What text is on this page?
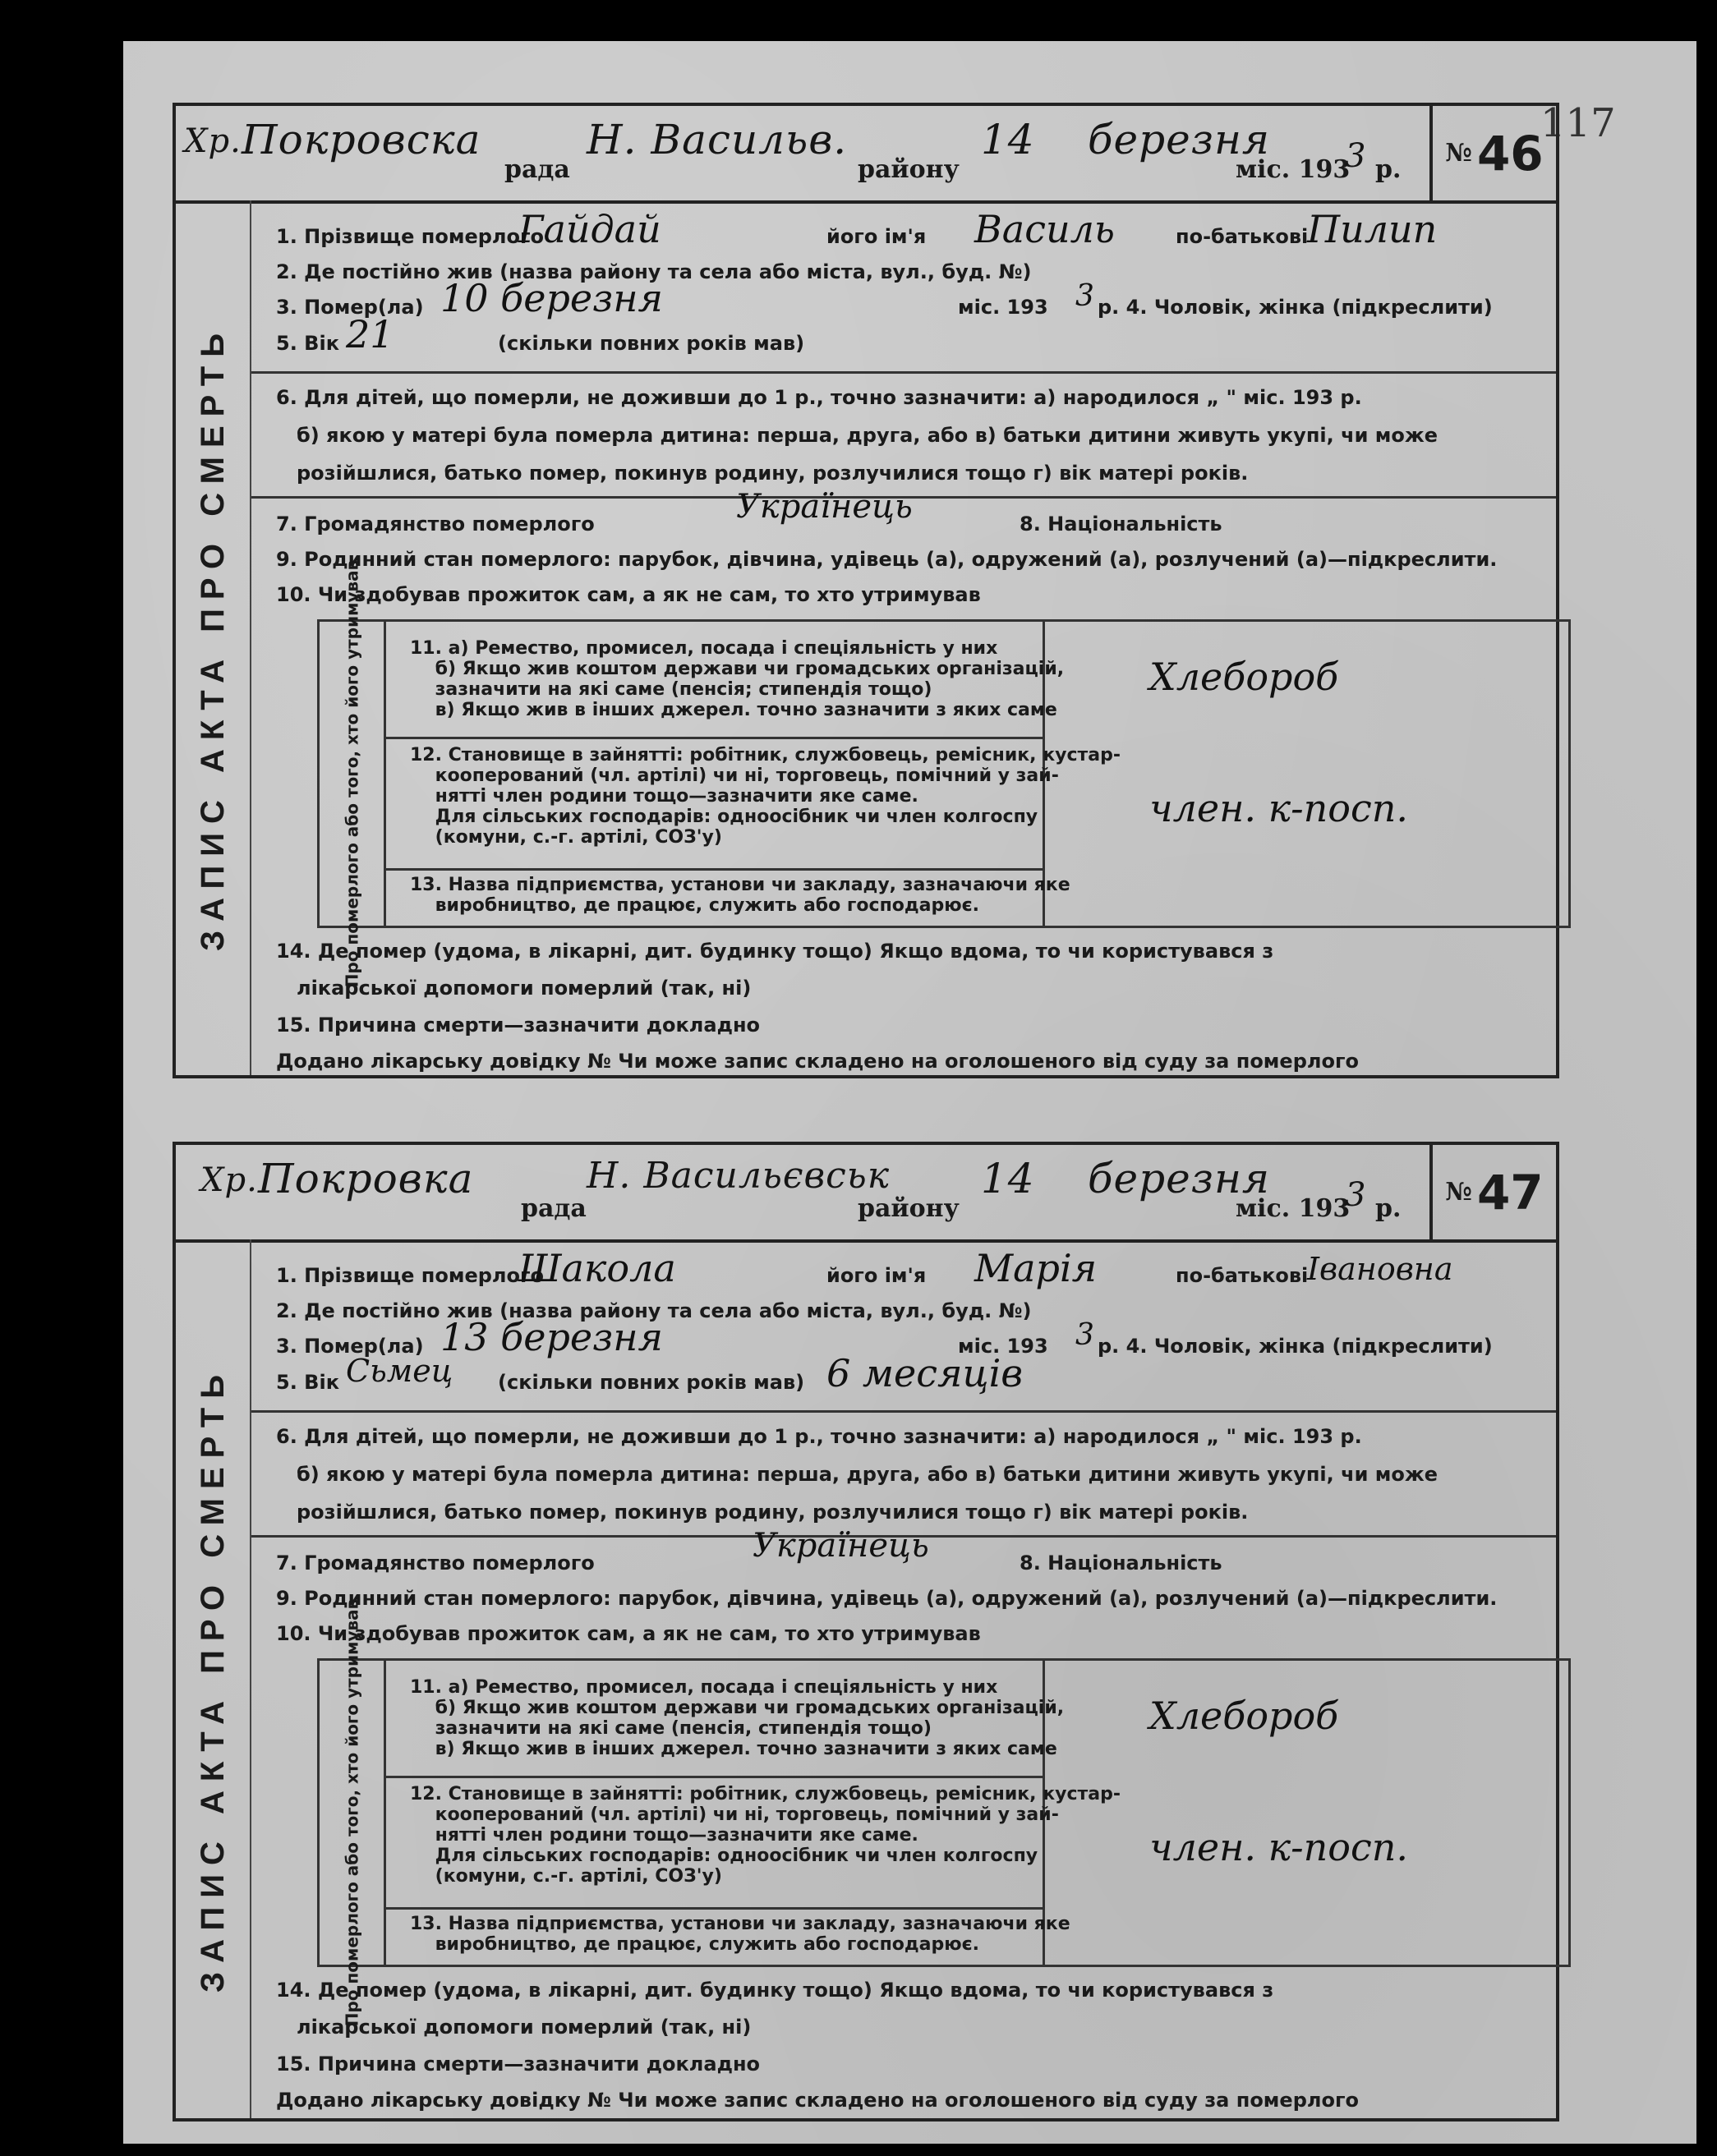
117
Хр. Покровска
рада
Н. Васильв.
району
14 березня
міс. 193
3 р.
№ 46
ЗАПИС АКТА ПРО СМЕРТЬ
1. Прізвище померлого
Гайдай	його ім'я Василь	по-батькові
Пилип
2. Де постійно жив (назва району та села або міста, вул., буд. №)
3. Помер(ла) 10 березня	міс. 193 3 р. 4. Чоловік, жінка (підкреслити)
5. Вік 21	(скільки повних років мав)
6. Для дітей, що померли, не доживши до 1 р., точно зазначити: а) народилося „ " міс. 193 р.
б) якою у матері була померла дитина: перша, друга, або в) батьки дитини живуть укупі, чи може
розійшлися, батько помер, покинув родину, розлучилися тощо г) вік матері років.
7. Громадянство померлого	Українець	8. Національність
9. Родинний стан померлого: парубок, дівчина, удівець (а), одружений (а), розлучений (а)—підкреслити.
10. Чи здобував прожиток сам, а як не сам, то хто утримував
Про померлого або того, хто його утримував	11. а) Ремество, промисел, посада і спеціяльність у них
б) Якщо жив коштом держави чи громадських організацій,
зазначити на які саме (пенсія; стипендія тощо)
в) Якщо жив в інших джерел. точно зазначити з яких саме
12. Становище в зайнятті: робітник, службовець, ремісник, кустар-
кооперований (чл. артілі) чи ні, торговець, помічний у зай-
нятті член родини тощо—зазначити яке саме.
Для сільських господарів: одноосібник чи член колгоспу
(комуни, с.-г. артілі, СОЗ'у)
13. Назва підприємства, установи чи закладу, зазначаючи яке
виробництво, де працює, служить або господарює.
Хлебороб
член. к-посп.
14. Де помер (удома, в лікарні, дит. будинку тощо) Якщо вдома, то чи користувався з
лікарської допомоги померлий (так, ні)
15. Причина смерти—зазначити докладно
Додано лікарську довідку № Чи може запис складено на оголошеного від суду за померлого
Хр. Покровка
рада
Н. Васильєвськ
району
14 березня
міс. 193
3 р.
№ 47
ЗАПИС АКТА ПРО СМЕРТЬ
1. Прізвище померлого
Шакола	його ім'я Марія	по-батькові
Івановна
2. Де постійно жив (назва району та села або міста, вул., буд. №)
3. Помер(ла) 13 березня	міс. 193 3 р. 4. Чоловік, жінка (підкреслити)
5. Вік Сьмец (скільки повних років мав) 6 месяців
6. Для дітей, що померли, не доживши до 1 р., точно зазначити: а) народилося „ " міс. 193 р.
б) якою у матері була померла дитина: перша, друга, або в) батьки дитини живуть укупі, чи може
розійшлися, батько помер, покинув родину, розлучилися тощо г) вік матері років.
7. Громадянство померлого	Українець	8. Національність
9. Родинний стан померлого: парубок, дівчина, удівець (а), одружений (а), розлучений (а)—підкреслити.
10. Чи здобував прожиток сам, а як не сам, то хто утримував
Про померлого або того, хто його утримував	11. а) Ремество, промисел, посада і спеціяльність у них
б) Якщо жив коштом держави чи громадських організацій,
зазначити на які саме (пенсія, стипендія тощо)
в) Якщо жив в інших джерел. точно зазначити з яких саме
12. Становище в зайнятті: робітник, службовець, ремісник, кустар-
кооперований (чл. артілі) чи ні, торговець, помічний у зай-
нятті член родини тощо—зазначити яке саме.
Для сільських господарів: одноосібник чи член колгоспу
(комуни, с.-г. артілі, СОЗ'у)
13. Назва підприємства, установи чи закладу, зазначаючи яке
виробництво, де працює, служить або господарює.
Хлебороб
член. к-посп.
14. Де помер (удома, в лікарні, дит. будинку тощо) Якщо вдома, то чи користувався з
лікарської допомоги померлий (так, ні)
15. Причина смерти—зазначити докладно
Додано лікарську довідку № Чи може запис складено на оголошеного від суду за померлого
